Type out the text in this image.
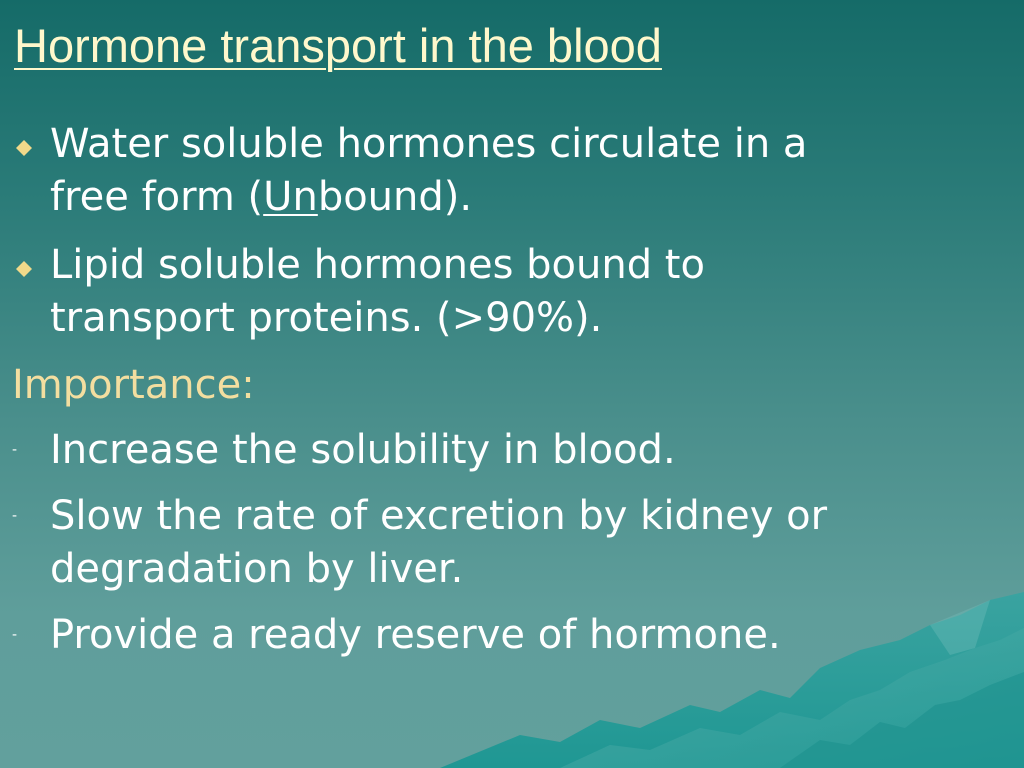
Hormone transport in the blood
Water soluble hormones circulate in a
free form (Unbound).
Lipid soluble hormones bound to
transport proteins. (>90%).
Importance:
- Increase the solubility in blood.
- Slow the rate of excretion by kidney or
degradation by liver.
- Provide a ready reserve of hormone.
